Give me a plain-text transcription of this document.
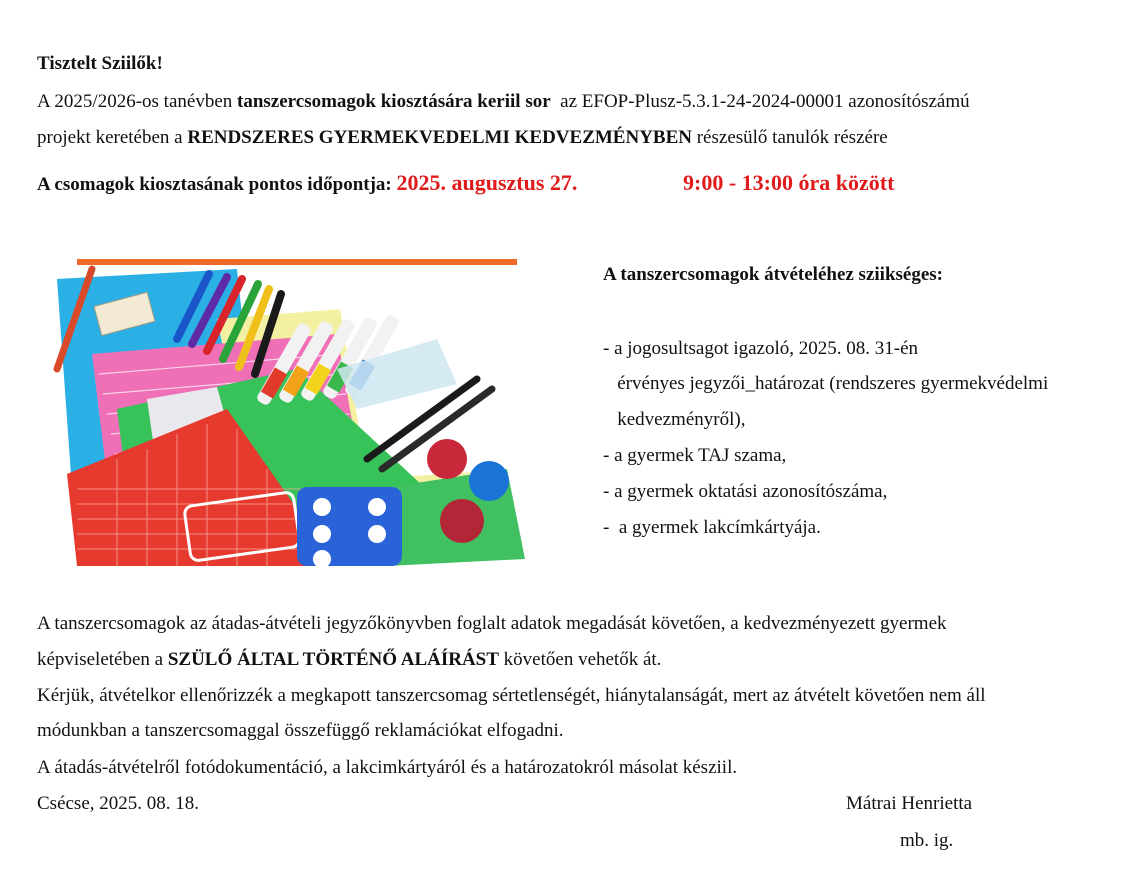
Tisztelt Sziilők!
A 2025/2026-os tanévben tanszercsomagok kiosztására keriil sor  az EFOP-Plusz-5.3.1-24-2024-00001 azonosítószámú
projekt keretében a RENDSZERES GYERMEKVEDELMI KEDVEZMÉNYBEN részesülő tanulók részére
A csomagok kiosztasának pontos időpontja: 2025. augusztus 27.	9:00 - 13:00 óra között
A tanszercsomagok átvételéhez sziikséges:
- a jogosultsagot igazoló, 2025. 08. 31-én
érvényes jegyzői_határozat (rendszeres gyermekvédelmi
kedvezményről),
- a gyermek TAJ szama,
- a gyermek oktatási azonosítószáma,
-  a gyermek lakcímkártyája.
A tanszercsomagok az átadas-átvételi jegyzőkönyvben foglalt adatok megadását követően, a kedvezményezett gyermek
képviseletében a SZÜLŐ ÁLTAL TÖRTÉNŐ ALÁÍRÁST követően vehetők át.
Kérjük, átvételkor ellenőrizzék a megkapott tanszercsomag sértetlenségét, hiánytalanságát, mert az átvételt követően nem áll
módunkban a tanszercsomaggal összefüggő reklamációkat elfogadni.
A átadás-átvételről fotódokumentáció, a lakcimkártyáról és a határozatokról másolat késziil.
Csécse, 2025. 08. 18.	Mátrai Henrietta
mb. ig.
